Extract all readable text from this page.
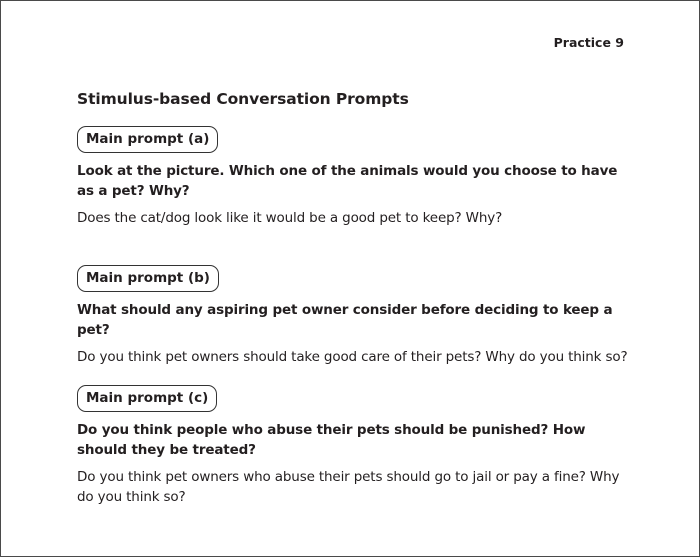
Practice 9
Stimulus-based Conversation Prompts
Main prompt (a)
Look at the picture. Which one of the animals would you choose to have as a pet? Why?
Does the cat/dog look like it would be a good pet to keep? Why?
Main prompt (b)
What should any aspiring pet owner consider before deciding to keep a pet?
Do you think pet owners should take good care of their pets? Why do you think so?
Main prompt (c)
Do you think people who abuse their pets should be punished? How should they be treated?
Do you think pet owners who abuse their pets should go to jail or pay a fine? Why do you think so?
